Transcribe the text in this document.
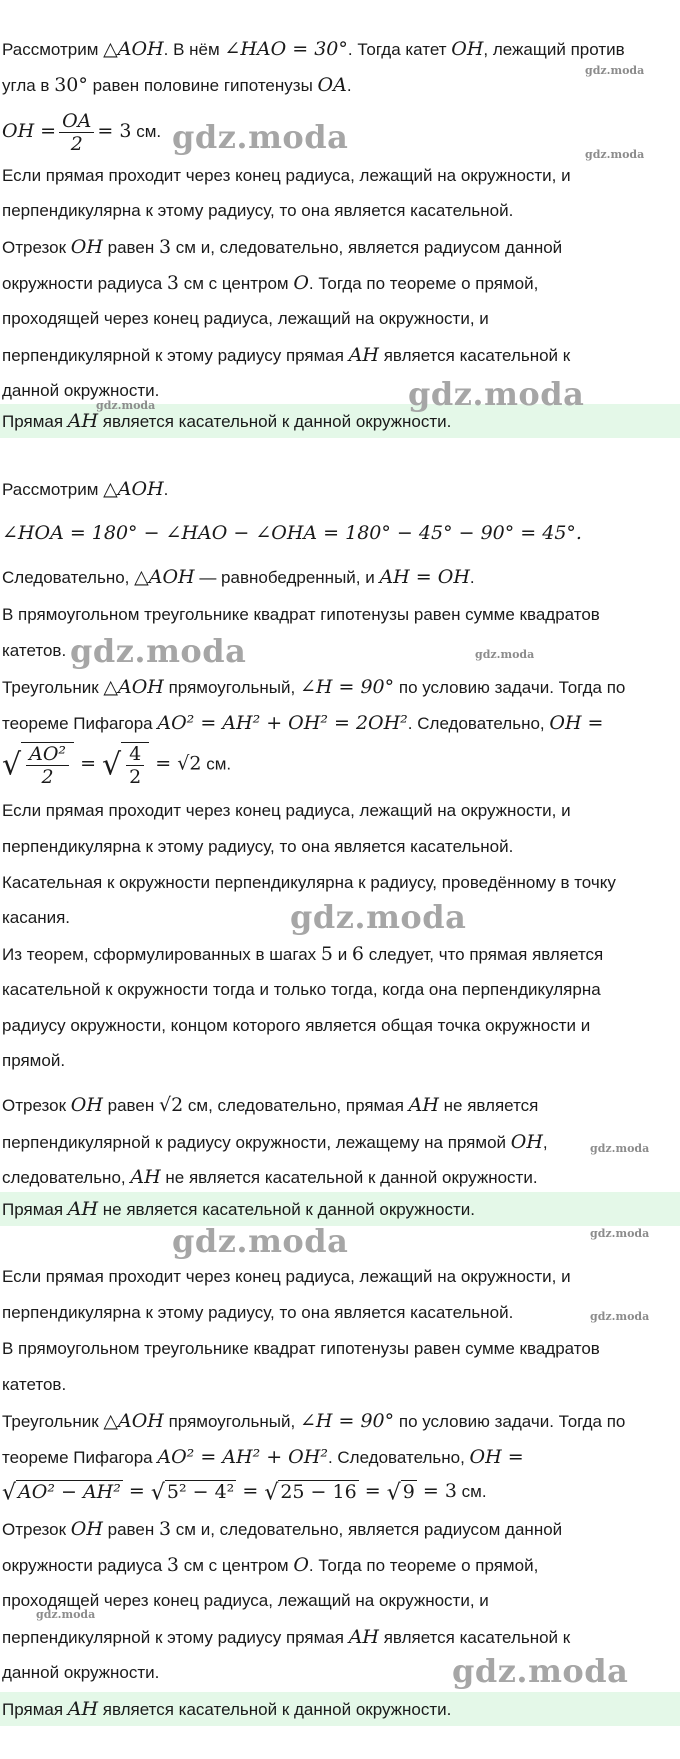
Рассмотрим △AOH. В нём ∠HAO = 30°. Тогда катет OH, лежащий против
угла в 30° равен половине гипотенузы OA.
OH = $\frac{OA}{2} = 3$ см.
Если прямая проходит через конец радиуса, лежащий на окружности, и
перпендикулярна к этому радиусу, то она является касательной.
Отрезок OH равен 3 см и, следовательно, является радиусом данной
окружности радиуса 3 см с центром O. Тогда по теореме о прямой,
проходящей через конец радиуса, лежащий на окружности, и
перпендикулярной к этому радиусу прямая AH является касательной к
данной окружности.
Прямая AH является касательной к данной окружности.
Рассмотрим △AOH.
∠HOA = 180° − ∠HAO − ∠OHA = 180° − 45° − 90° = 45°.
Следовательно, △AOH — равнобедренный, и AH = OH.
В прямоугольном треугольнике квадрат гипотенузы равен сумме квадратов
катетов.
Треугольник △AOH прямоугольный, ∠H = 90° по условию задачи. Тогда по
теореме Пифагора AO² = AH² + OH² = 2OH². Следовательно, OH =
√ $\frac{\text{AO²}}{2}$ = √ $\frac{4}{2} = √2$ см.
Если прямая проходит через конец радиуса, лежащий на окружности, и
перпендикулярна к этому радиусу, то она является касательной.
Касательная к окружности перпендикулярна к радиусу, проведённому в точку
касания.
Из теорем, сформулированных в шагах 5 и 6 следует, что прямая является
касательной к окружности тогда и только тогда, когда она перпендикулярна
радиусу окружности, концом которого является общая точка окружности и
прямой.
Отрезок OH равен √2 см, следовательно, прямая AH не является
перпендикулярной к радиусу окружности, лежащему на прямой OH,
следовательно, AH не является касательной к данной окружности.
Прямая AH не является касательной к данной окружности.
Если прямая проходит через конец радиуса, лежащий на окружности, и
перпендикулярна к этому радиусу, то она является касательной.
В прямоугольном треугольнике квадрат гипотенузы равен сумме квадратов
катетов.
Треугольник △AOH прямоугольный, ∠H = 90° по условию задачи. Тогда по
теореме Пифагора AO² = AH² + OH². Следовательно, OH =
√ AO² − AH² = √ 5² − 4² = √ 25 − 16 = √ 9 = 3 см.
Отрезок OH равен 3 см и, следовательно, является радиусом данной
окружности радиуса 3 см с центром O. Тогда по теореме о прямой,
проходящей через конец радиуса, лежащий на окружности, и
перпендикулярной к этому радиусу прямая AH является касательной к
данной окружности.
Прямая AH является касательной к данной окружности.
gdz.moda
gdz.moda	gdz.moda
gdz.moda
gdz.moda
gdz.moda	gdz.moda
gdz.moda
gdz.moda
gdz.moda	gdz.moda
gdz.moda
gdz.moda
gdz.moda
